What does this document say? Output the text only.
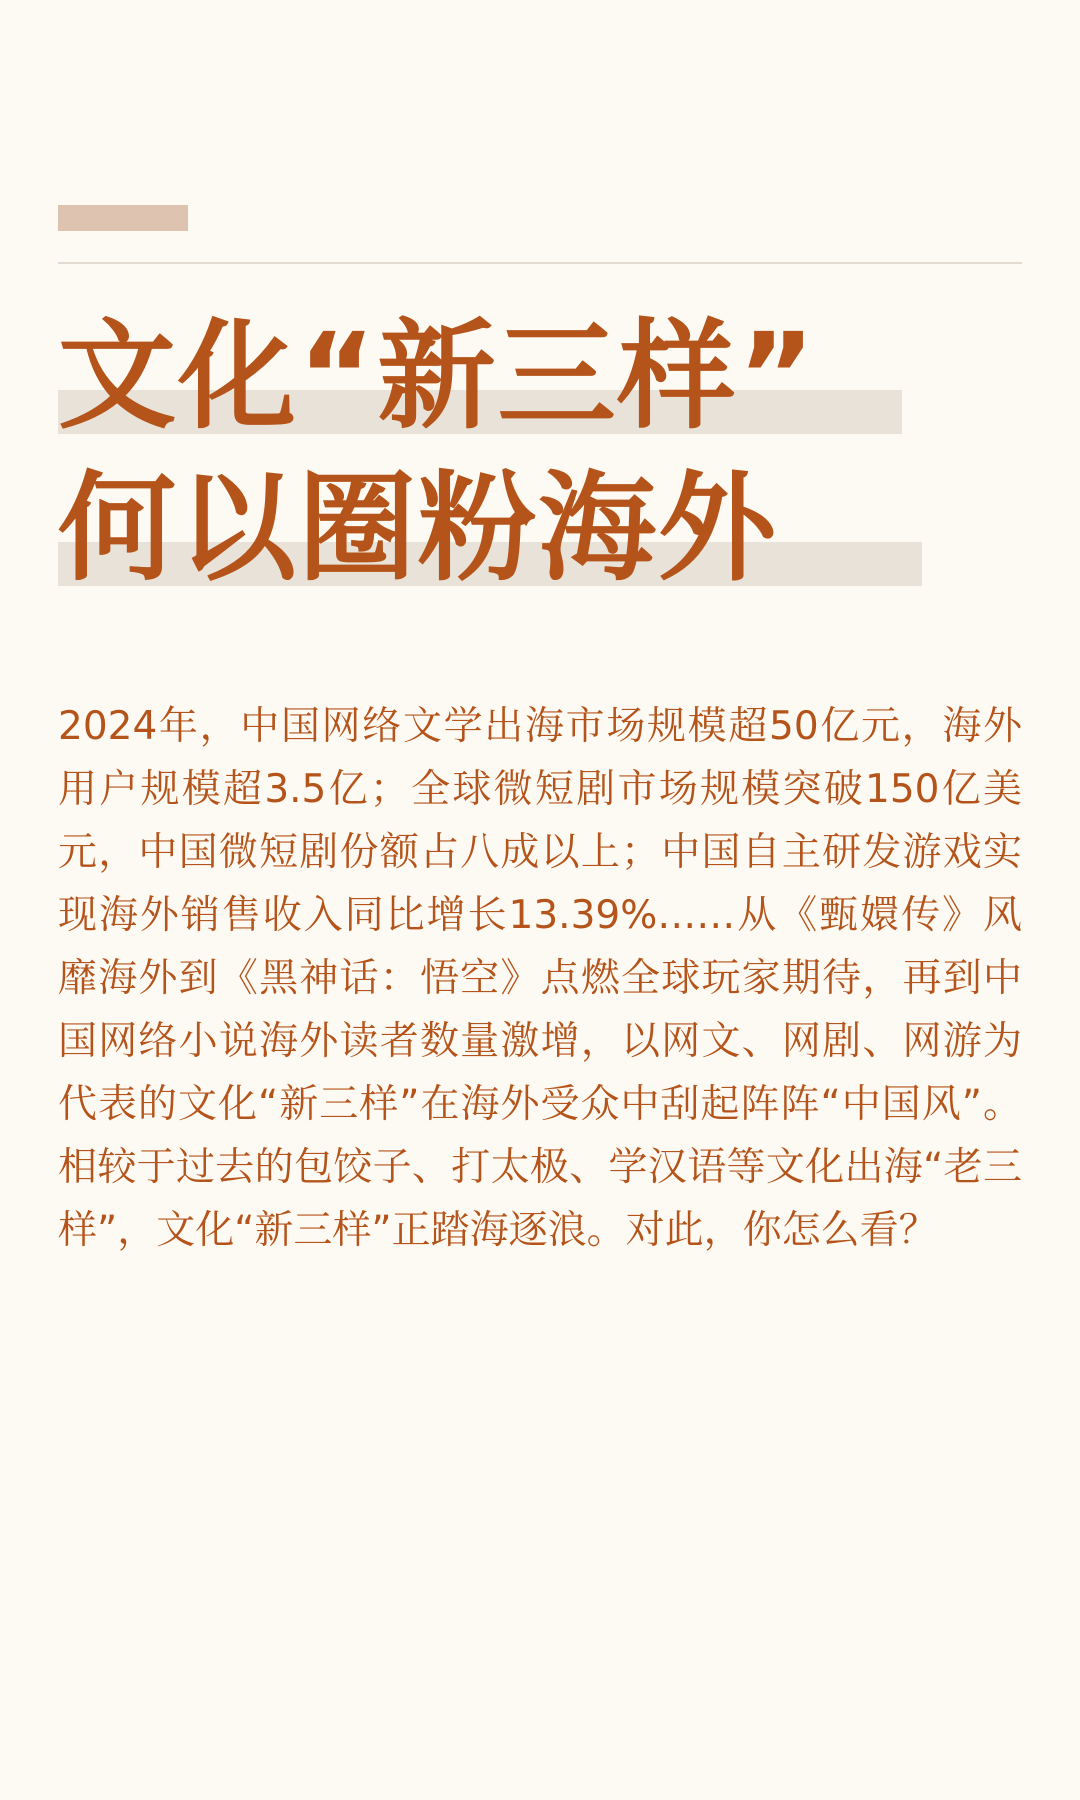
文化“新三样”
何以圈粉海外

2024年，中国网络文学出海市场规模超50亿元，海外用户规模超3.5亿；全球微短剧市场规模突破150亿美元，中国微短剧份额占八成以上；中国自主研发游戏实现海外销售收入同比增长13.39%……从《甄嬛传》风靡海外到《黑神话：悟空》点燃全球玩家期待，再到中国网络小说海外读者数量激增，以网文、网剧、网游为代表的文化“新三样”在海外受众中刮起阵阵“中国风”。相较于过去的包饺子、打太极、学汉语等文化出海“老三样”，文化“新三样”正踏海逐浪。对此，你怎么看？
